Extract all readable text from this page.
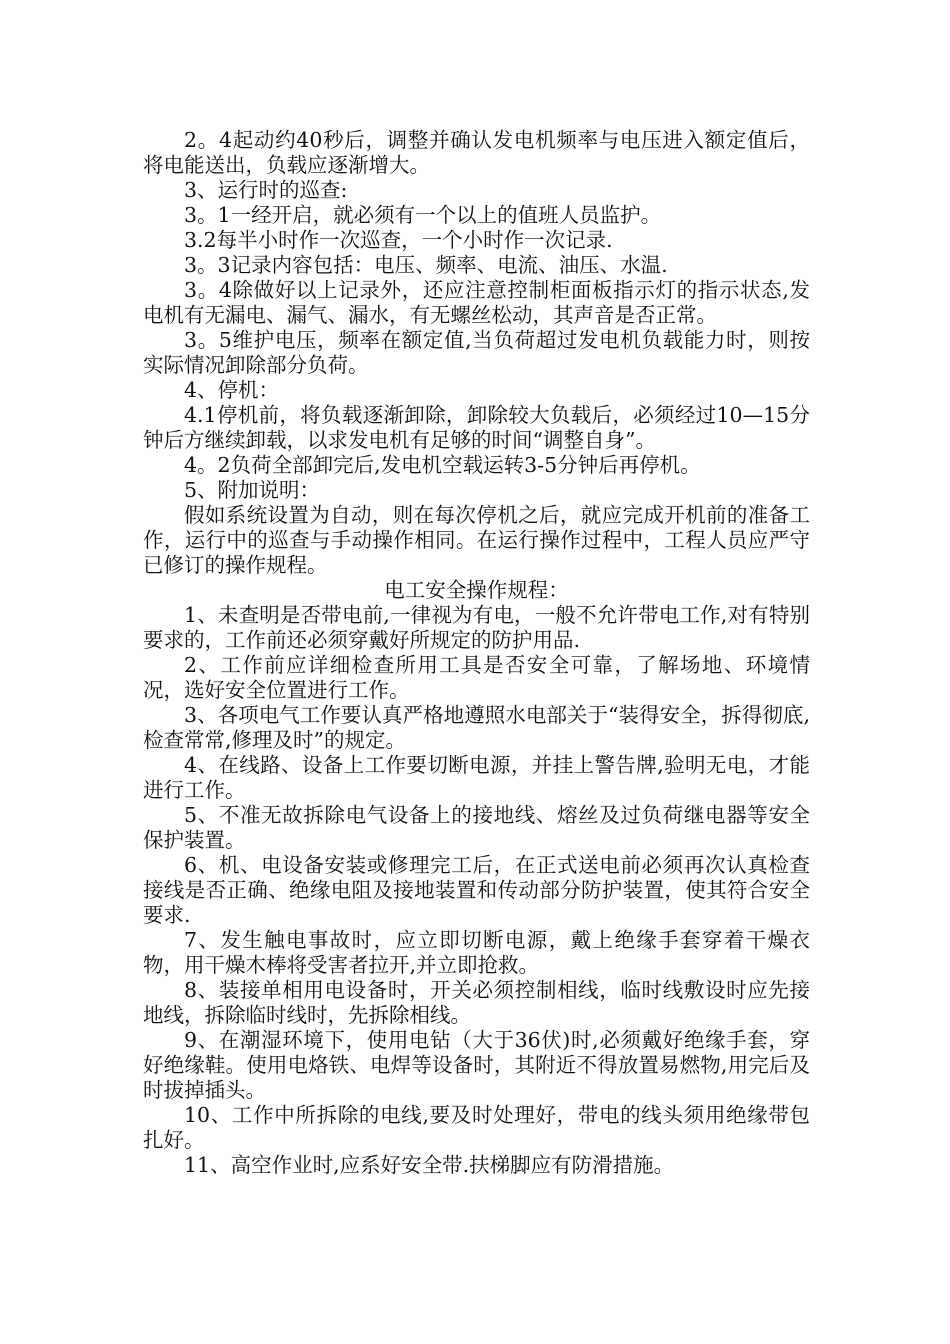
2。4起动约40秒后，调整并确认发电机频率与电压进入额定值后，将电能送出，负载应逐渐增大。

3、运行时的巡查:

3。1一经开启，就必须有一个以上的值班人员监护。

3.2每半小时作一次巡查，一个小时作一次记录.

3。3记录内容包括：电压、频率、电流、油压、水温.

3。4除做好以上记录外，还应注意控制柜面板指示灯的指示状态,发电机有无漏电、漏气、漏水，有无螺丝松动，其声音是否正常。

3。5维护电压，频率在额定值,当负荷超过发电机负载能力时，则按实际情况卸除部分负荷。

4、停机：

4.1停机前，将负载逐渐卸除，卸除较大负载后，必须经过10—15分钟后方继续卸载，以求发电机有足够的时间“调整自身”。

4。2负荷全部卸完后,发电机空载运转3-5分钟后再停机。

5、附加说明：

假如系统设置为自动，则在每次停机之后，就应完成开机前的准备工作，运行中的巡查与手动操作相同。在运行操作过程中，工程人员应严守已修订的操作规程。

电工安全操作规程：

1、未查明是否带电前,一律视为有电，一般不允许带电工作,对有特别要求的，工作前还必须穿戴好所规定的防护用品.

2、工作前应详细检查所用工具是否安全可靠，了解场地、环境情况，选好安全位置进行工作。

3、各项电气工作要认真严格地遵照水电部关于“装得安全，拆得彻底,检查常常,修理及时”的规定。

4、在线路、设备上工作要切断电源，并挂上警告牌,验明无电，才能进行工作。

5、不准无故拆除电气设备上的接地线、熔丝及过负荷继电器等安全保护装置。

6、机、电设备安装或修理完工后，在正式送电前必须再次认真检查接线是否正确、绝缘电阻及接地装置和传动部分防护装置，使其符合安全要求.

7、发生触电事故时，应立即切断电源，戴上绝缘手套穿着干燥衣物，用干燥木棒将受害者拉开,并立即抢救。

8、装接单相用电设备时，开关必须控制相线，临时线敷设时应先接地线，拆除临时线时，先拆除相线。

9、在潮湿环境下，使用电钻（大于36伏)时,必须戴好绝缘手套，穿好绝缘鞋。使用电烙铁、电焊等设备时，其附近不得放置易燃物,用完后及时拔掉插头。

10、工作中所拆除的电线,要及时处理好，带电的线头须用绝缘带包扎好。

11、高空作业时,应系好安全带.扶梯脚应有防滑措施。
